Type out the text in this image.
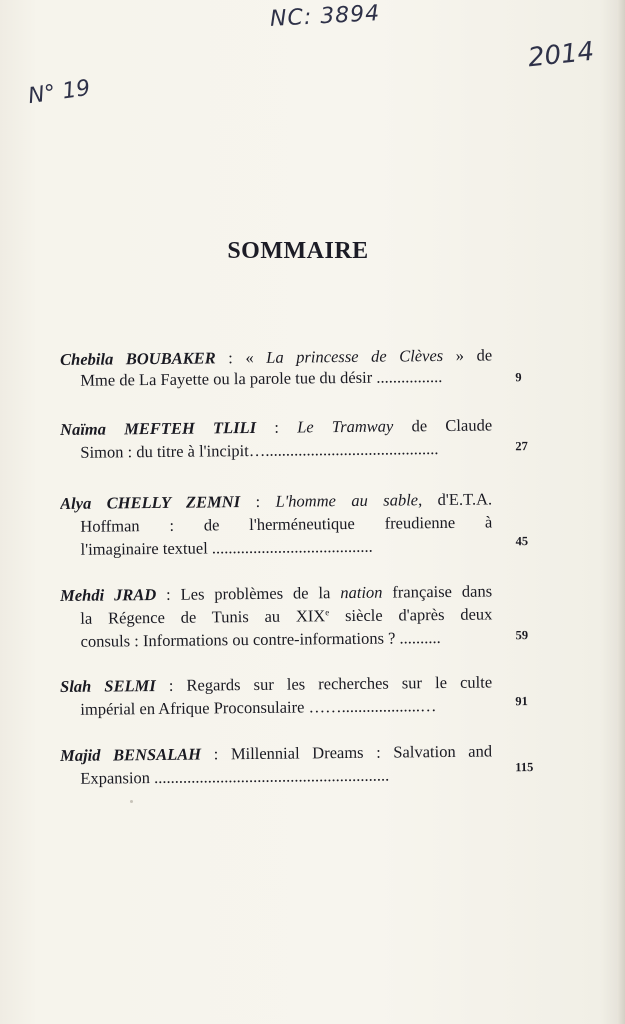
NC: 3894
2014
N° 19
SOMMAIRE
Chebila BOUBAKER : « La princesse de Clèves » de
Mme de La Fayette ou la parole tue du désir ................	9
Naïma MEFTEH TLILI : Le Tramway de Claude
Simon : du titre à l'incipit…..........................................	27
Alya CHELLY ZEMNI : L'homme au sable, d'E.T.A.
Hoffman : de l'herméneutique freudienne à
l'imaginaire textuel .......................................	45
Mehdi JRAD : Les problèmes de la nation française dans
la Régence de Tunis au XIXe siècle d'après deux
consuls : Informations ou contre-informations ? ..........	59
Slah SELMI : Regards sur les recherches sur le culte
impérial en Afrique Proconsulaire ……...................…	91
Majid BENSALAH : Millennial Dreams : Salvation and
Expansion .........................................................	115
